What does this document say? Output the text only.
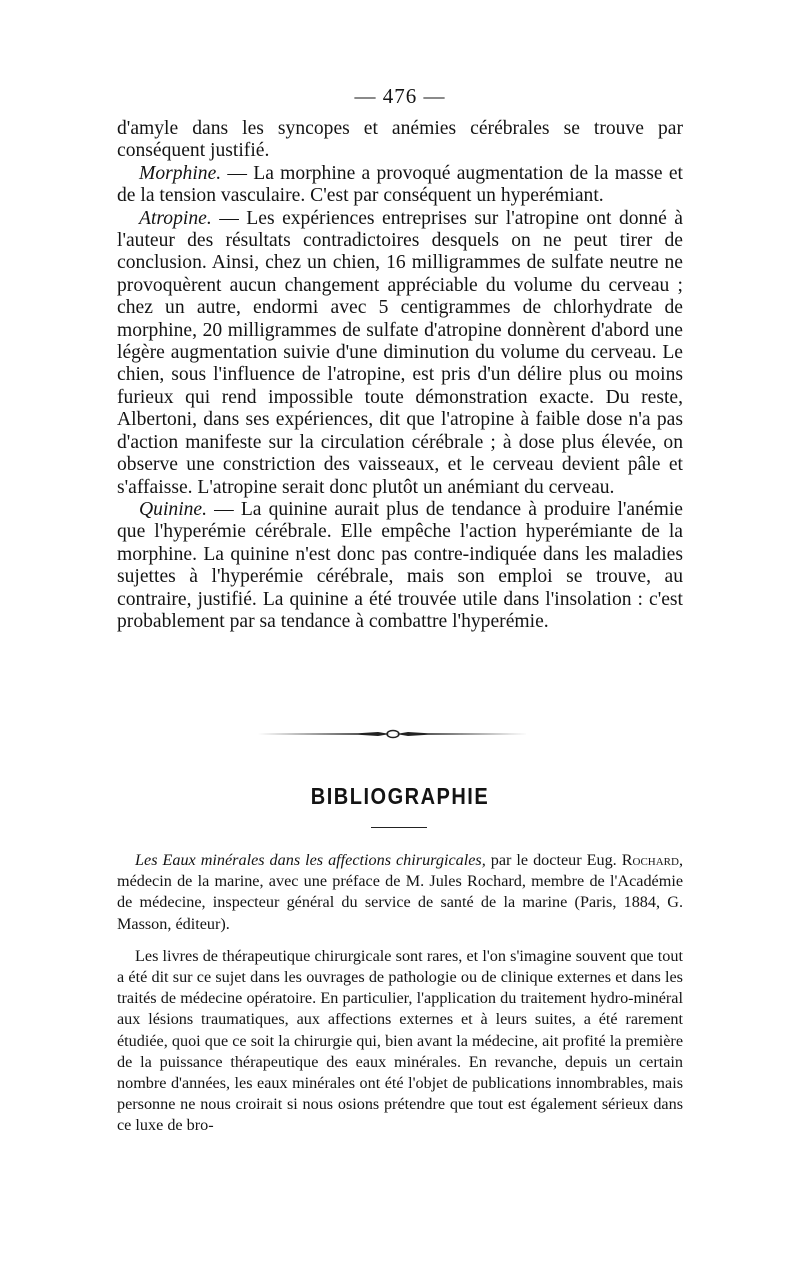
— 476 —

d'amyle dans les syncopes et anémies cérébrales se trouve par conséquent justifié.

Morphine. — La morphine a provoqué augmentation de la masse et de la tension vasculaire. C'est par conséquent un hyperémiant.

Atropine. — Les expériences entreprises sur l'atropine ont donné à l'auteur des résultats contradictoires desquels on ne peut tirer de conclusion. Ainsi, chez un chien, 16 milligrammes de sulfate neutre ne provoquèrent aucun changement appréciable du volume du cerveau ; chez un autre, endormi avec 5 centigrammes de chlorhydrate de morphine, 20 milligrammes de sulfate d'atropine donnèrent d'abord une légère augmentation suivie d'une diminution du volume du cerveau. Le chien, sous l'influence de l'atropine, est pris d'un délire plus ou moins furieux qui rend impossible toute démonstration exacte. Du reste, Albertoni, dans ses expériences, dit que l'atropine à faible dose n'a pas d'action manifeste sur la circulation cérébrale ; à dose plus élevée, on observe une constriction des vaisseaux, et le cerveau devient pâle et s'affaisse. L'atropine serait donc plutôt un anémiant du cerveau.

Quinine. — La quinine aurait plus de tendance à produire l'anémie que l'hyperémie cérébrale. Elle empêche l'action hyperémiante de la morphine. La quinine n'est donc pas contre-indiquée dans les maladies sujettes à l'hyperémie cérébrale, mais son emploi se trouve, au contraire, justifié. La quinine a été trouvée utile dans l'insolation : c'est probablement par sa tendance à combattre l'hyperémie.

BIBLIOGRAPHIE

Les Eaux minérales dans les affections chirurgicales, par le docteur Eug. Rochard, médecin de la marine, avec une préface de M. Jules Rochard, membre de l'Académie de médecine, inspecteur général du service de santé de la marine (Paris, 1884, G. Masson, éditeur).

Les livres de thérapeutique chirurgicale sont rares, et l'on s'imagine souvent que tout a été dit sur ce sujet dans les ouvrages de pathologie ou de clinique externes et dans les traités de médecine opératoire. En particulier, l'application du traitement hydro-minéral aux lésions traumatiques, aux affections externes et à leurs suites, a été rarement étudiée, quoi que ce soit la chirurgie qui, bien avant la médecine, ait profité la première de la puissance thérapeutique des eaux minérales. En revanche, depuis un certain nombre d'années, les eaux minérales ont été l'objet de publications innombrables, mais personne ne nous croirait si nous osions prétendre que tout est également sérieux dans ce luxe de bro-
